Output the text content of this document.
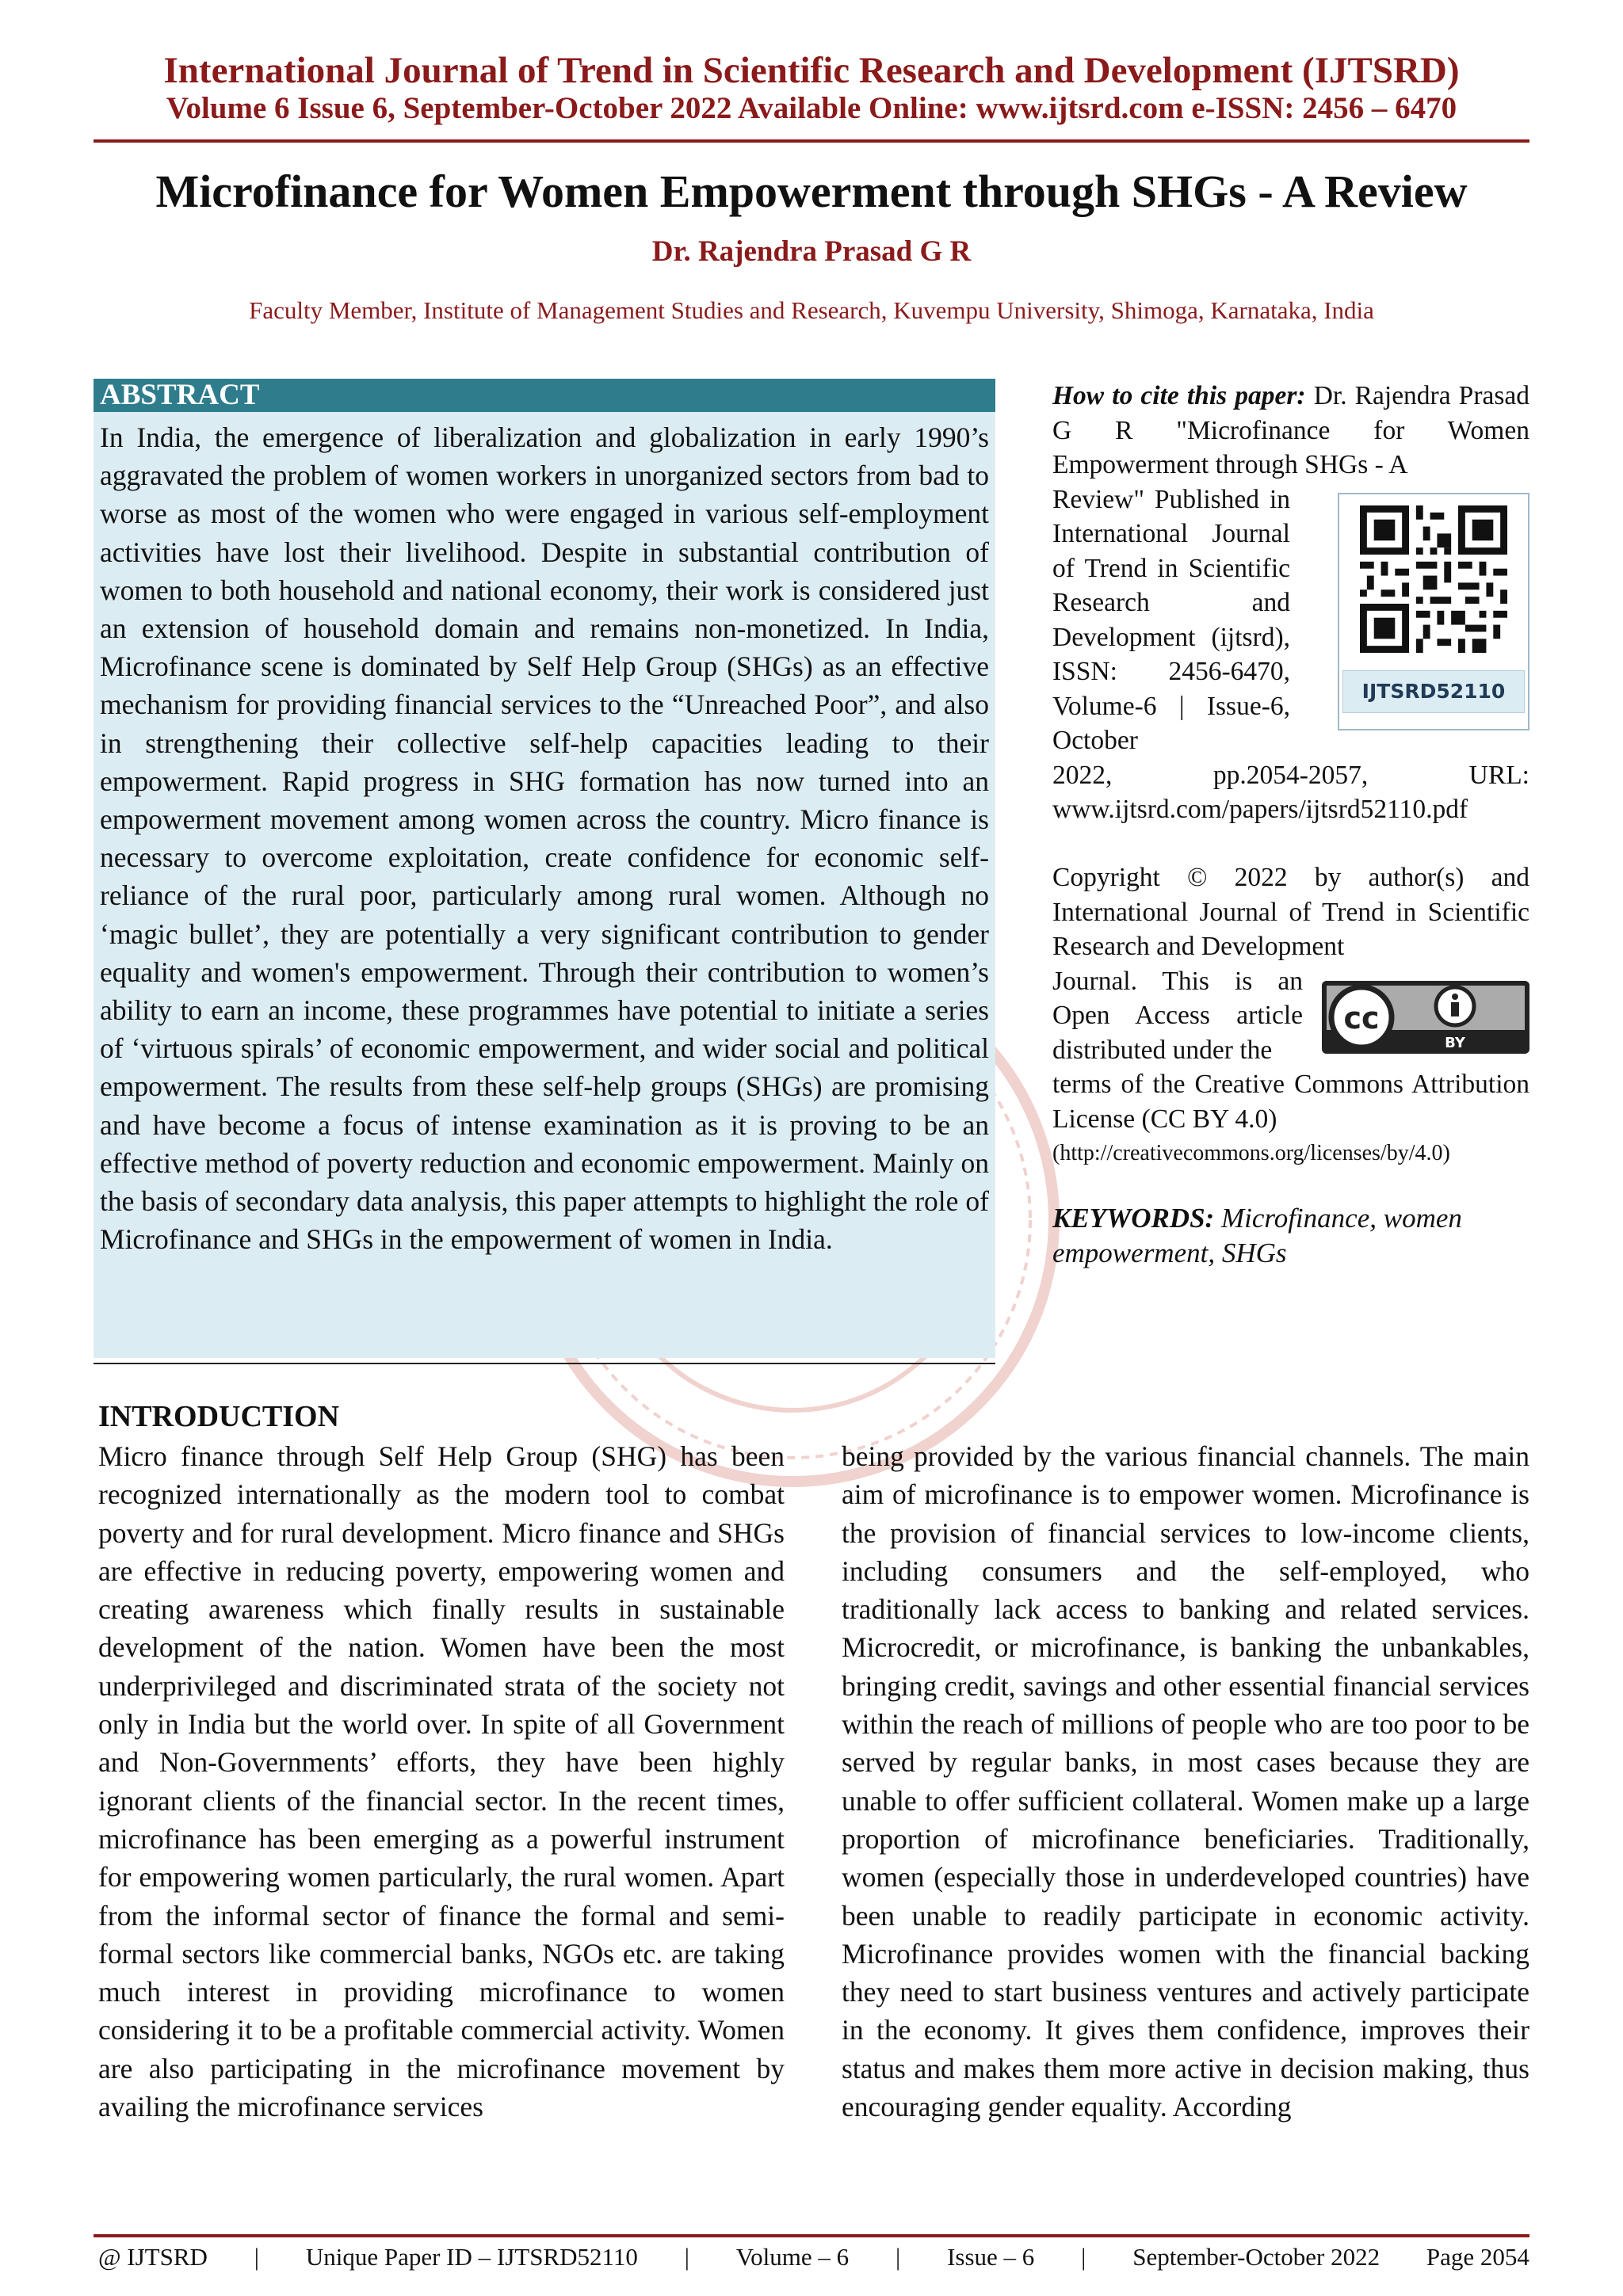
International Journal of Trend in Scientific Research and Development (IJTSRD)
Volume 6 Issue 6, September-October 2022 Available Online: www.ijtsrd.com e-ISSN: 2456 – 6470
Microfinance for Women Empowerment through SHGs - A Review
Dr. Rajendra Prasad G R
Faculty Member, Institute of Management Studies and Research, Kuvempu University, Shimoga, Karnataka, India
ABSTRACT

In India, the emergence of liberalization and globalization in early 1990’s aggravated the problem of women workers in unorganized sectors from bad to worse as most of the women who were engaged in various self-employment activities have lost their livelihood. Despite in substantial contribution of women to both household and national economy, their work is considered just an extension of household domain and remains non-monetized. In India, Microfinance scene is dominated by Self Help Group (SHGs) as an effective mechanism for providing financial services to the “Unreached Poor”, and also in strengthening their collective self-help capacities leading to their empowerment. Rapid progress in SHG formation has now turned into an empowerment movement among women across the country. Micro finance is necessary to overcome exploitation, create confidence for economic self-reliance of the rural poor, particularly among rural women. Although no ‘magic bullet’, they are potentially a very significant contribution to gender equality and women's empowerment. Through their contribution to women’s ability to earn an income, these programmes have potential to initiate a series of ‘virtuous spirals’ of economic empowerment, and wider social and political empowerment. The results from these self-help groups (SHGs) are promising and have become a focus of intense examination as it is proving to be an effective method of poverty reduction and economic empowerment. Mainly on the basis of secondary data analysis, this paper attempts to highlight the role of Microfinance and SHGs in the empowerment of women in India.

How to cite this paper: Dr. Rajendra Prasad G R "Microfinance for Women Empowerment through SHGs - A

Review" Published in International Journal of Trend in Scientific Research and Development (ijtsrd), ISSN: 2456-6470, Volume-6 | Issue-6, October

2022, pp.2054-2057, URL: www.ijtsrd.com/papers/ijtsrd52110.pdf

IJTSRD52110

Copyright © 2022 by author(s) and International Journal of Trend in Scientific Research and Development

Journal. This is an Open Access article distributed under the

terms of the Creative Commons Attribution License (CC BY 4.0)

(http://creativecommons.org/licenses/by/4.0)

cc
BY
KEYWORDS: Microfinance, women empowerment, SHGs
INTRODUCTION

Micro finance through Self Help Group (SHG) has been recognized internationally as the modern tool to combat poverty and for rural development. Micro finance and SHGs are effective in reducing poverty, empowering women and creating awareness which finally results in sustainable development of the nation. Women have been the most underprivileged and discriminated strata of the society not only in India but the world over. In spite of all Government and Non-Governments’ efforts, they have been highly ignorant clients of the financial sector. In the recent times, microfinance has been emerging as a powerful instrument for empowering women particularly, the rural women. Apart from the informal sector of finance the formal and semi-formal sectors like commercial banks, NGOs etc. are taking much interest in providing microfinance to women considering it to be a profitable commercial activity. Women are also participating in the microfinance movement by availing the microfinance services

being provided by the various financial channels. The main aim of microfinance is to empower women. Microfinance is the provision of financial services to low-income clients, including consumers and the self-employed, who traditionally lack access to banking and related services. Microcredit, or microfinance, is banking the unbankables, bringing credit, savings and other essential financial services within the reach of millions of people who are too poor to be served by regular banks, in most cases because they are unable to offer sufficient collateral. Women make up a large proportion of microfinance beneficiaries. Traditionally, women (especially those in underdeveloped countries) have been unable to readily participate in economic activity. Microfinance provides women with the financial backing they need to start business ventures and actively participate in the economy. It gives them confidence, improves their status and makes them more active in decision making, thus encouraging gender equality. According

@ IJTSRD | Unique Paper ID – IJTSRD52110 | Volume – 6 | Issue – 6 | September-October 2022 Page 2054
